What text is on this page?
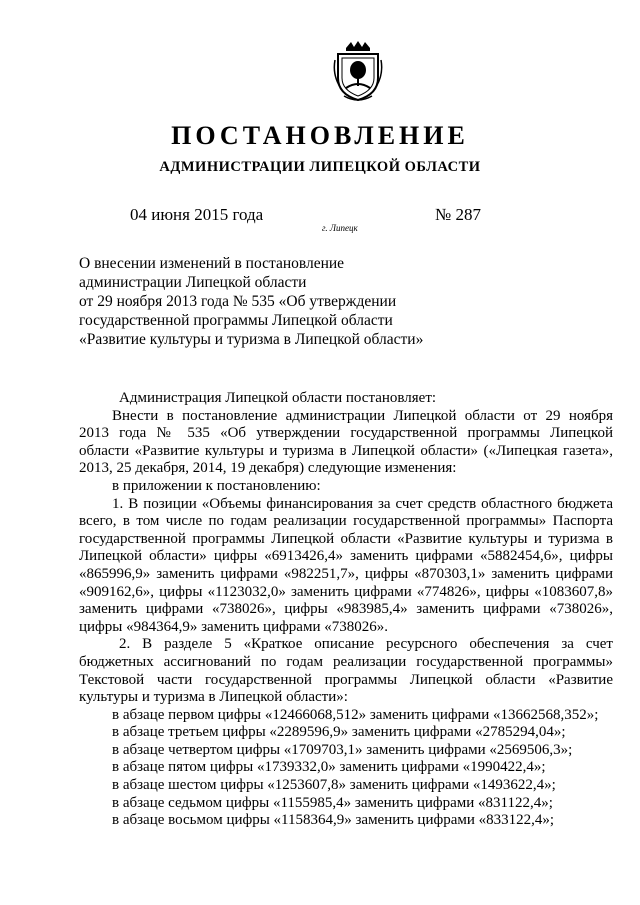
ПОСТАНОВЛЕНИЕ
АДМИНИСТРАЦИИ ЛИПЕЦКОЙ ОБЛАСТИ
04 июня 2015 года
г. Липецк
№ 287
О внесении изменений в постановление
администрации Липецкой области
от 29 ноября 2013 года № 535 «Об утверждении
государственной программы Липецкой области
«Развитие культуры и туризма в Липецкой области»
Администрация Липецкой области постановляет:
Внести в постановление администрации Липецкой области от 29 ноября
2013 года № 535 «Об утверждении государственной программы Липецкой
области «Развитие культуры и туризма в Липецкой области» («Липецкая газета»,
2013, 25 декабря, 2014, 19 декабря) следующие изменения:
в приложении к постановлению:
1. В позиции «Объемы финансирования за счет средств областного бюджета
всего, в том числе по годам реализации государственной программы» Паспорта
государственной программы Липецкой области «Развитие культуры и туризма в
Липецкой области» цифры «6913426,4» заменить цифрами «5882454,6», цифры
«865996,9» заменить цифрами «982251,7», цифры «870303,1» заменить цифрами
«909162,6», цифры «1123032,0» заменить цифрами «774826», цифры «1083607,8»
заменить цифрами «738026», цифры «983985,4» заменить цифрами «738026»,
цифры «984364,9» заменить цифрами «738026».
2. В разделе 5 «Краткое описание ресурсного обеспечения за счет
бюджетных ассигнований по годам реализации государственной программы»
Текстовой части государственной программы Липецкой области «Развитие
культуры и туризма в Липецкой области»:
в абзаце первом цифры «12466068,512» заменить цифрами «13662568,352»;
в абзаце третьем цифры «2289596,9» заменить цифрами «2785294,04»;
в абзаце четвертом цифры «1709703,1» заменить цифрами «2569506,3»;
в абзаце пятом цифры «1739332,0» заменить цифрами «1990422,4»;
в абзаце шестом цифры «1253607,8» заменить цифрами «1493622,4»;
в абзаце седьмом цифры «1155985,4» заменить цифрами «831122,4»;
в абзаце восьмом цифры «1158364,9» заменить цифрами «833122,4»;
